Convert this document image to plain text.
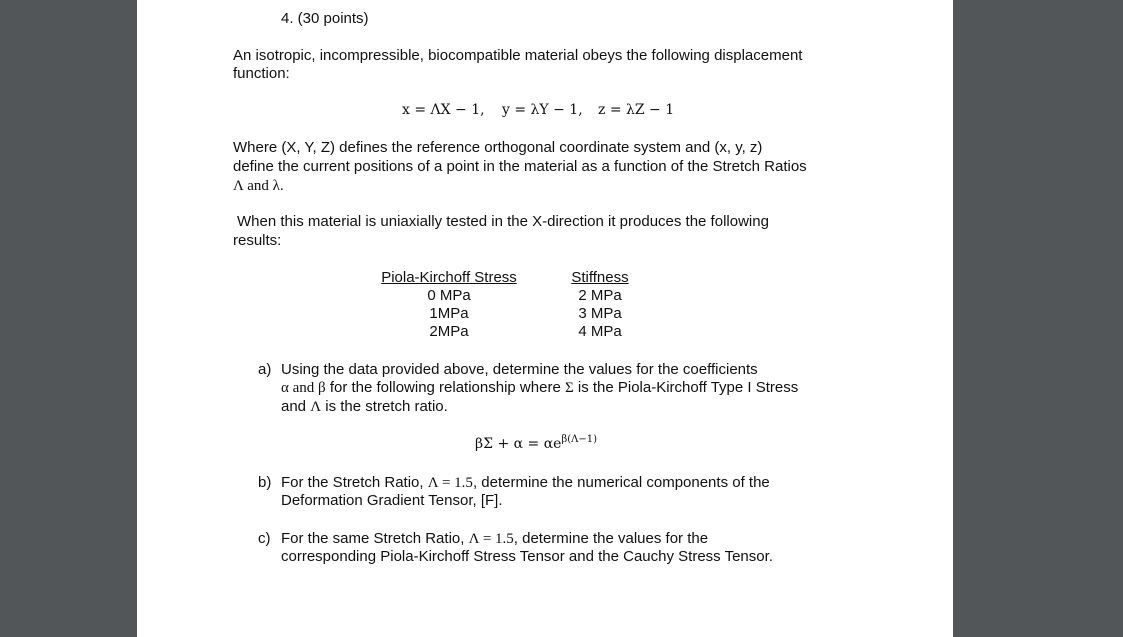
4. (30 points)
An isotropic, incompressible, biocompatible material obeys the following displacement
function:
x = ΛX − 1, y = λY − 1, z = λZ − 1
Where (X, Y, Z) defines the reference orthogonal coordinate system and (x, y, z)
define the current positions of a point in the material as a function of the Stretch Ratios
Λ and λ.
When this material is uniaxially tested in the X-direction it produces the following
results:
Piola-Kirchoff Stress	Stiffness
0 MPa	2 MPa
1MPa	3 MPa
2MPa	4 MPa
a) Using the data provided above, determine the values for the coefficients
α and β for the following relationship where Σ is the Piola-Kirchoff Type I Stress
and Λ is the stretch ratio.
$\beta\Sigma + \alpha = \alpha e^{\beta(\Lambda-1)}$
b) For the Stretch Ratio, Λ = 1.5, determine the numerical components of the
Deformation Gradient Tensor, [F].
c) For the same Stretch Ratio, Λ = 1.5, determine the values for the
corresponding Piola-Kirchoff Stress Tensor and the Cauchy Stress Tensor.
